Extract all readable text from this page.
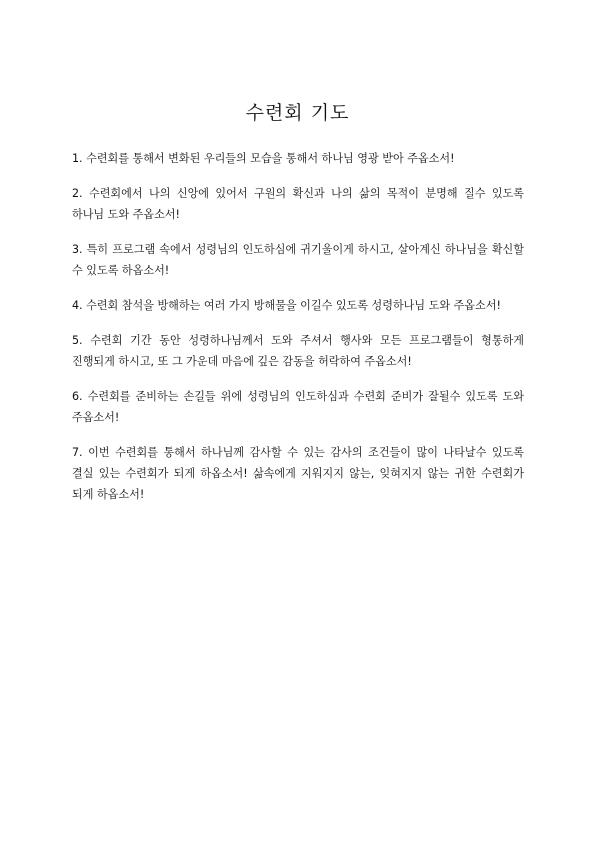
수련회 기도
1. 수련회를 통해서 변화된 우리들의 모습을 통해서 하나님 영광 받아 주옵소서!
2. 수련회에서 나의 신앙에 있어서 구원의 확신과 나의 삶의 목적이 분명해 질수 있도록 하나님 도와 주옵소서!
3. 특히 프로그램 속에서 성령님의 인도하심에 귀기울이게 하시고, 살아계신 하나님을 확신할 수 있도록 하옵소서!
4. 수련회 참석을 방해하는 여러 가지 방해물을 이길수 있도록 성령하나님 도와 주옵소서!
5. 수련회 기간 동안 성령하나님께서 도와 주셔서 행사와 모든 프로그램들이 형통하게 진행되게 하시고, 또 그 가운데 마음에 깊은 감동을 허락하여 주옵소서!
6. 수련회를 준비하는 손길들 위에 성령님의 인도하심과 수련회 준비가 잘될수 있도록 도와 주옵소서!
7. 이번 수련회를 통해서 하나님께 감사할 수 있는 감사의 조건들이 많이 나타날수 있도록 결실 있는 수련회가 되게 하옵소서! 삶속에게 지워지지 않는, 잊혀지지 않는 귀한 수련회가 되게 하옵소서!
